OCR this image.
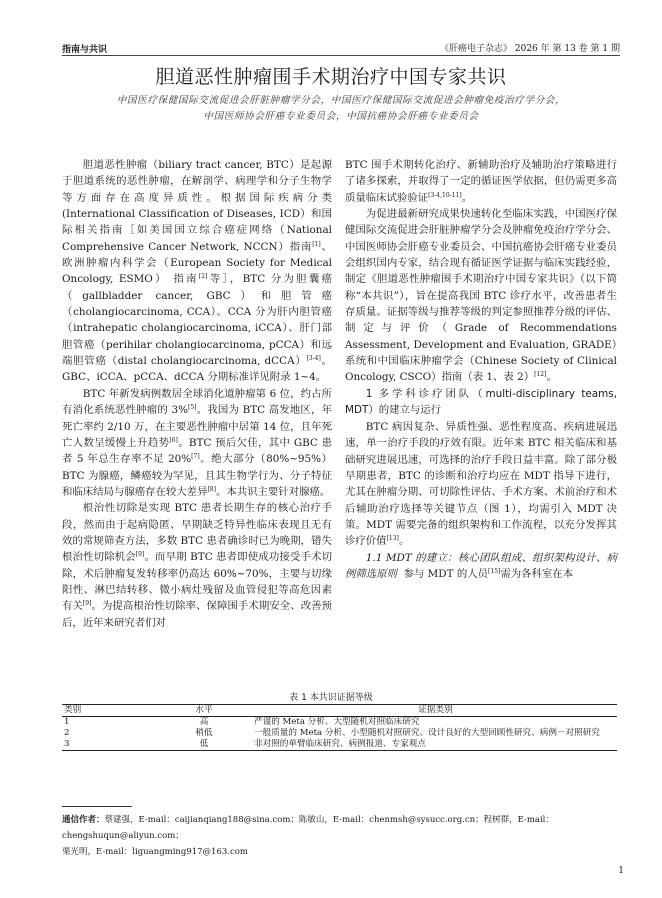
指南与共识	《肝癌电子杂志》 2026 年 第 13 卷 第 1 期
胆道恶性肿瘤围手术期治疗中国专家共识
中国医疗保健国际交流促进会肝脏肿瘤学分会，中国医疗保健国际交流促进会肿瘤免疫治疗学分会，
中国医师协会肝癌专业委员会，中国抗癌协会肝癌专业委员会

胆道恶性肿瘤（biliary tract cancer, BTC）是起源于胆道系统的恶性肿瘤，在解剖学、病理学和分子生物学等方面存在高度异质性。根据国际疾病分类(International Classification of Diseases, ICD）和国际相关指南［如美国国立综合癌症网络（National Comprehensive Cancer Network, NCCN）指南[1]、欧洲肿瘤内科学会（European Society for Medical Oncology, ESMO） 指南[2]等］，BTC 分为胆囊癌（gallbladder cancer, GBC）和胆管癌（cholangiocarcinoma, CCA）。CCA 分为肝内胆管癌（intrahepatic cholangiocarcinoma, iCCA）、肝门部胆管癌（perihilar cholangiocarcinoma, pCCA）和远端胆管癌（distal cholangiocarcinoma, dCCA）[3-4]。GBC、iCCA、pCCA、dCCA 分期标准详见附录 1~4。

BTC 年新发病例数居全球消化道肿瘤第 6 位，约占所有消化系统恶性肿瘤的 3%[5]。我国为 BTC 高发地区，年死亡率约 2/10 万，在主要恶性肿瘤中居第 14 位，且年死亡人数呈缓慢上升趋势[6]。BTC 预后欠佳，其中 GBC 患者 5 年总生存率不足 20%[7]。绝大部分（80%~95%）BTC 为腺癌，鳞癌较为罕见，且其生物学行为、分子特征和临床结局与腺癌存在较大差异[8]。本共识主要针对腺癌。

根治性切除是实现 BTC 患者长期生存的核心治疗手段，然而由于起病隐匿、早期缺乏特异性临床表现且无有效的常规筛查方法，多数 BTC 患者确诊时已为晚期，错失根治性切除机会[9]。而早期 BTC 患者即使成功接受手术切除，术后肿瘤复发转移率仍高达 60%~70%，主要与切缘阳性、淋巴结转移、微小病灶残留及血管侵犯等高危因素有关[9]。为提高根治性切除率、保障围手术期安全、改善预后，近年来研究者们对

BTC 围手术期转化治疗、新辅助治疗及辅助治疗策略进行了诸多探索，并取得了一定的循证医学依据，但仍需更多高质量临床试验验证[3-4,10-11]。

为促进最新研究成果快速转化至临床实践，中国医疗保健国际交流促进会肝脏肿瘤学分会及肿瘤免疫治疗学分会、中国医师协会肝癌专业委员会、中国抗癌协会肝癌专业委员会组织国内专家，结合现有循证医学证据与临床实践经验，制定《胆道恶性肿瘤围手术期治疗中国专家共识》（以下简称“本共识”），旨在提高我国 BTC 诊疗水平，改善患者生存质量。证据等级与推荐等级的判定参照推荐分级的评估、制定与评价（Grade of Recommendations Assessment, Development and Evaluation, GRADE）系统和中国临床肿瘤学会（Chinese Society of Clinical Oncology, CSCO）指南（表 1、表 2）[12]。

1 多学科诊疗团队（multi-disciplinary teams, MDT）的建立与运行

BTC 病因复杂、异质性强、恶性程度高、疾病进展迅速，单一治疗手段的疗效有限。近年来 BTC 相关临床和基础研究进展迅速，可选择的治疗手段日益丰富。除了部分极早期患者，BTC 的诊断和治疗均应在 MDT 指导下进行，尤其在肿瘤分期、可切除性评估、手术方案、术前治疗和术后辅助治疗选择等关键节点（图 1），均需引入 MDT 决策。MDT 需要完备的组织架构和工作流程，以充分发挥其诊疗价值[13]。

1.1 MDT 的建立：核心团队组成、组织架构设计、病例筛选原则 参与 MDT 的人员[15]需为各科室在本

表 1 本共识证据等级
类别	水平	证据类别
1	高	严谨的 Meta 分析、大型随机对照临床研究
2	稍低	一般质量的 Meta 分析、小型随机对照研究、设计良好的大型回顾性研究、病例－对照研究
3	低	非对照的单臂临床研究、病例报道、专家观点
通信作者：蔡建强，E-mail：caijianqiang188@sina.com；陈敏山，E-mail：chenmsh@sysucc.org.cn；程树群，E-mail：chengshuqun@aliyun.com；
栗光明，E-mail：liguangming917@163.com
1
